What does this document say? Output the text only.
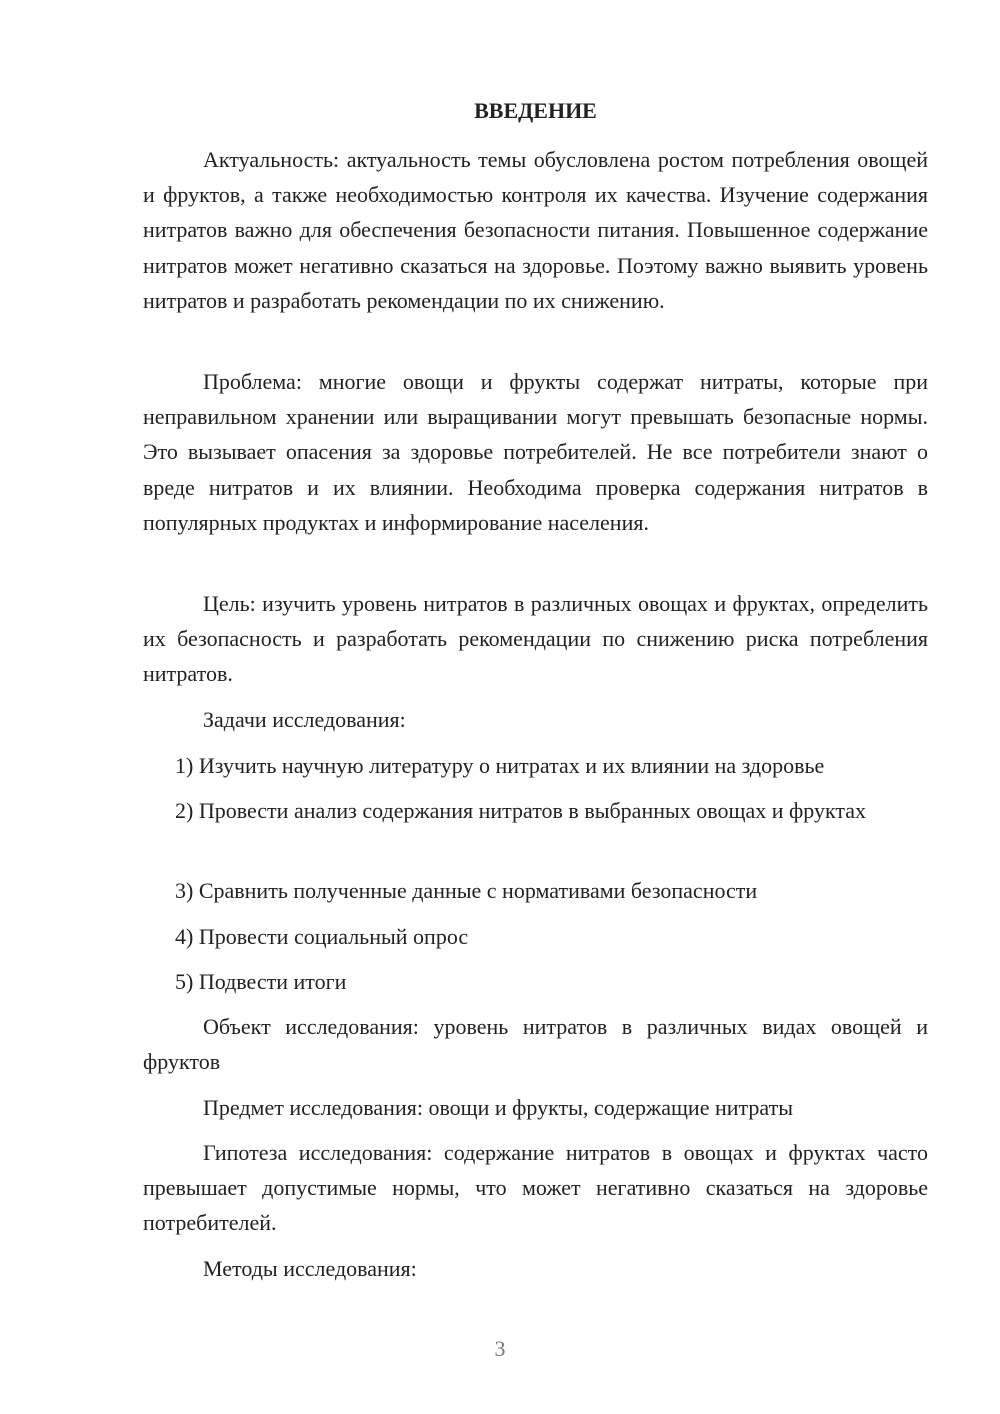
ВВЕДЕНИЕ

Актуальность: актуальность темы обусловлена ростом потребления овощей и фруктов, а также необходимостью контроля их качества. Изучение содержания нитратов важно для обеспечения безопасности питания. Повышенное содержание нитратов может негативно сказаться на здоровье. Поэтому важно выявить уровень нитратов и разработать рекомендации по их снижению.

Проблема: многие овощи и фрукты содержат нитраты, которые при неправильном хранении или выращивании могут превышать безопасные нормы. Это вызывает опасения за здоровье потребителей. Не все потребители знают о вреде нитратов и их влиянии. Необходима проверка содержания нитратов в популярных продуктах и информирование населения.

Цель: изучить уровень нитратов в различных овощах и фруктах, определить их безопасность и разработать рекомендации по снижению риска потребления нитратов.

Задачи исследования:

1) Изучить научную литературу о нитратах и их влиянии на здоровье

2) Провести анализ содержания нитратов в выбранных овощах и фруктах

3) Сравнить полученные данные с нормативами безопасности

4) Провести социальный опрос

5) Подвести итоги

Объект исследования: уровень нитратов в различных видах овощей и фруктов

Предмет исследования: овощи и фрукты, содержащие нитраты

Гипотеза исследования: содержание нитратов в овощах и фруктах часто превышает допустимые нормы, что может негативно сказаться на здоровье потребителей.

Методы исследования:

3
